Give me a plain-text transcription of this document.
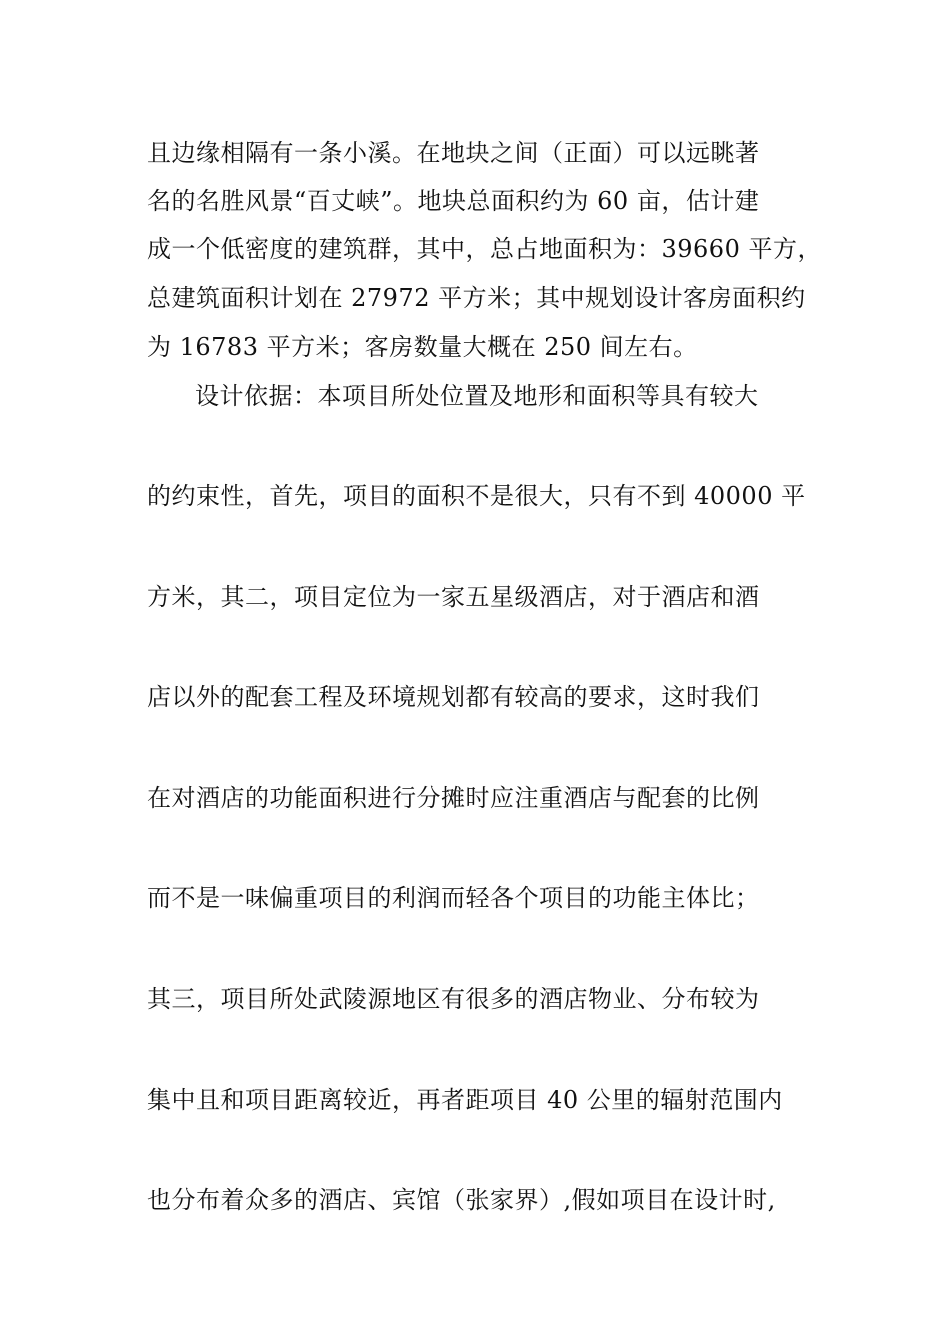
且边缘相隔有一条小溪。在地块之间（正面）可以远眺著
名的名胜风景“百丈峡”。地块总面积约为 60 亩，估计建
成一个低密度的建筑群，其中，总占地面积为：39660 平方，
总建筑面积计划在 27972 平方米；其中规划设计客房面积约
为 16783 平方米；客房数量大概在 250 间左右。
设计依据：本项目所处位置及地形和面积等具有较大
的约束性，首先，项目的面积不是很大，只有不到 40000 平
方米，其二，项目定位为一家五星级酒店，对于酒店和酒
店以外的配套工程及环境规划都有较高的要求，这时我们
在对酒店的功能面积进行分摊时应注重酒店与配套的比例
而不是一味偏重项目的利润而轻各个项目的功能主体比；
其三，项目所处武陵源地区有很多的酒店物业、分布较为
集中且和项目距离较近，再者距项目 40 公里的辐射范围内
也分布着众多的酒店、宾馆（张家界）,假如项目在设计时,
